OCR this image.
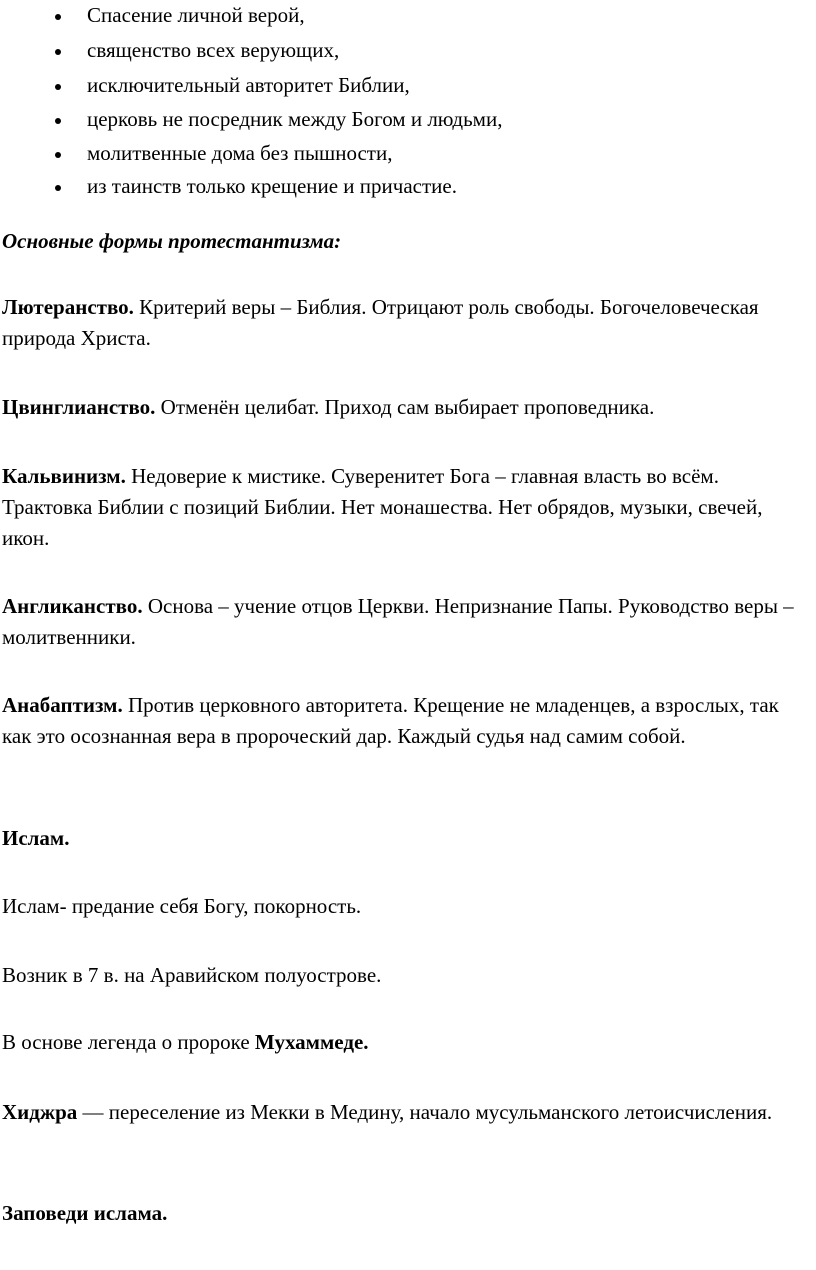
Спасение личной верой,
священство всех верующих,
исключительный авторитет Библии,
церковь не посредник между Богом и людьми,
молитвенные дома без пышности,
из таинств только крещение и причастие.
Основные формы протестантизма:
Лютеранство. Критерий веры – Библия. Отрицают роль свободы. Богочеловеческая природа Христа.
Цвинглианство. Отменён целибат. Приход сам выбирает проповедника.
Кальвинизм. Недоверие к мистике. Суверенитет Бога – главная власть во всём. Трактовка Библии с позиций Библии. Нет монашества. Нет обрядов, музыки, свечей, икон.
Англиканство. Основа – учение отцов Церкви. Непризнание Папы. Руководство веры – молитвенники.
Анабаптизм. Против церковного авторитета. Крещение не младенцев, а взрослых, так как это осознанная вера в пророческий дар. Каждый судья над самим собой.
Ислам.
Ислам- предание себя Богу, покорность.
Возник в 7 в. на Аравийском полуострове.
В основе легенда о пророке Мухаммеде.
Хиджра — переселение из Мекки в Медину, начало мусульманского летоисчисления.
Заповеди ислама.
